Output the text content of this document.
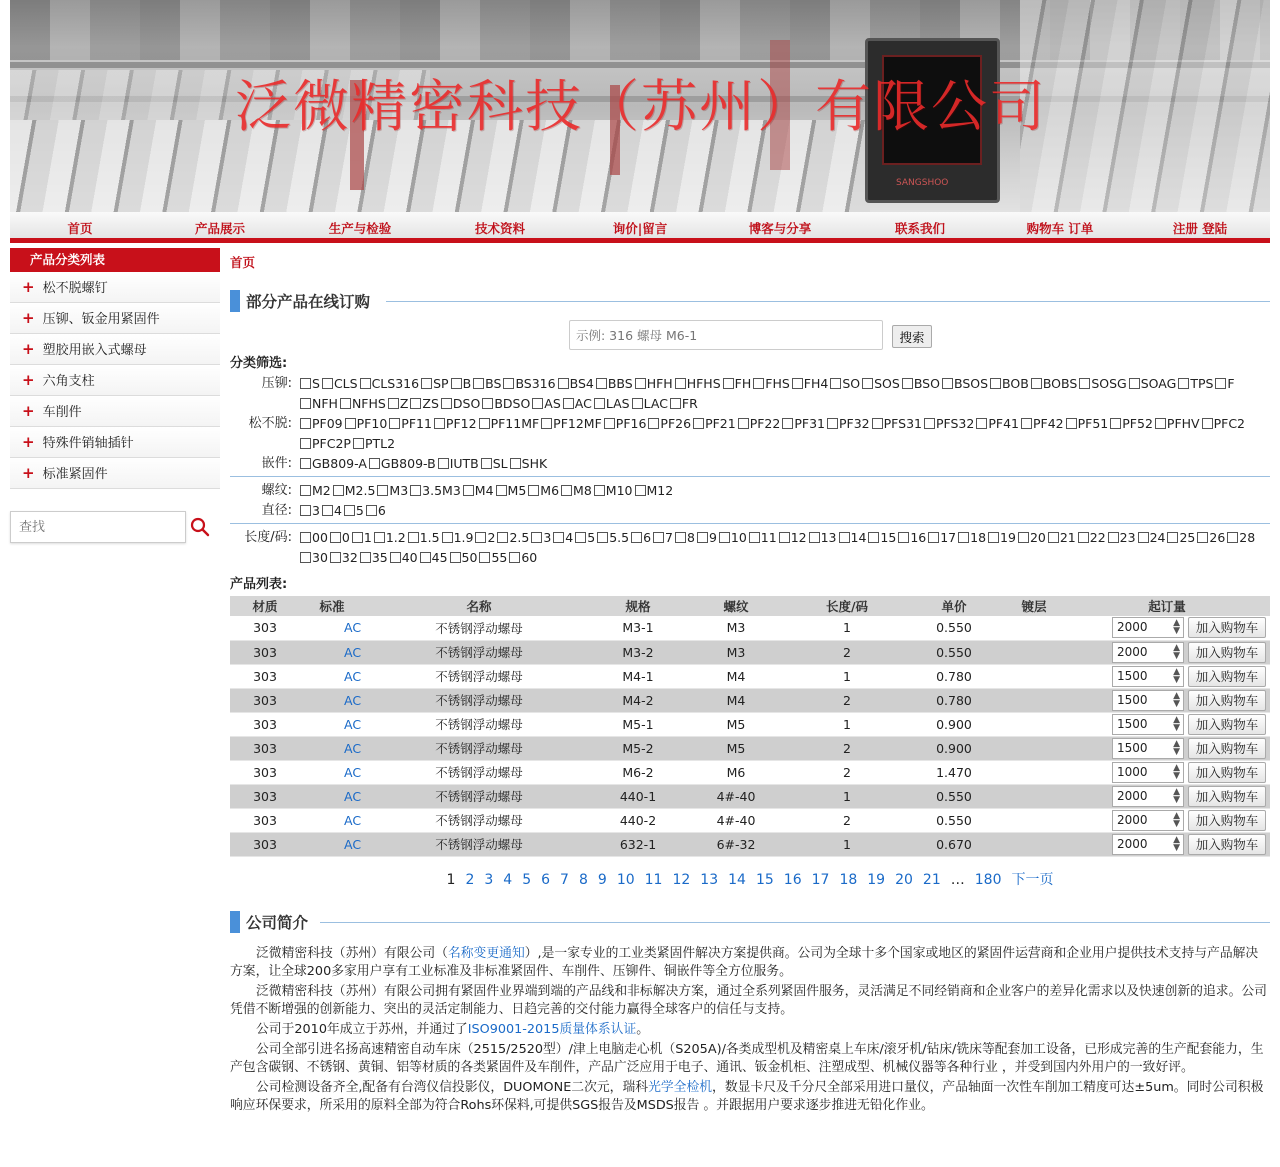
SANGSHOO
泛微精密科技（苏州）有限公司
首页	产品展示	生产与检验	技术资料	询价|留言	博客与分享	联系我们	购物车 订单	注册 登陆
产品分类列表
+ 松不脱螺钉
+ 压铆、钣金用紧固件
+ 塑胶用嵌入式螺母
+ 六角支柱
+ 车削件
+ 特殊件销轴插针
+ 标准紧固件
查找
首页
部分产品在线订购
示例: 316 螺母 M6-1
搜索
分类筛选:
压铆:	S	CLS	CLS316	SP	B	BS	BS316	BS4	BBS	HFH	HFHS	FH	FHS	FH4	SO	SOS	BSO	BSOS	BOB	BOBS	SOSG	SOAG	TPS	F
NFH	NFHS	Z	ZS	DSO	BDSO	AS	AC	LAS	LAC	FR
松不脱:	PF09	PF10	PF11	PF12	PF11MF	PF12MF	PF16	PF26	PF21	PF22	PF31	PF32	PFS31	PFS32	PF41	PF42	PF51	PF52	PFHV	PFC2
PFC2P	PTL2
嵌件:	GB809-A	GB809-B	IUTB	SL	SHK
螺纹:	M2	M2.5	M3	3.5M3	M4	M5	M6	M8	M10	M12
直径:	3	4	5	6
长度/码:	00	0	1	1.2	1.5	1.9	2	2.5	3	4	5	5.5	6	7	8	9	10	11	12	13	14	15	16	17	18	19	20	21	22	23	24	25	26	28
30	32	35	40	45	50	55	60
产品列表:
材质	标准	名称	规格	螺纹	长度/码	单价	镀层	起订量
303	AC	不锈钢浮动螺母	M3-1	M3	1	0.550		2000 ▲
▼ 加入购物车
303	AC	不锈钢浮动螺母	M3-2	M3	2	0.550		2000 ▲
▼ 加入购物车
303	AC	不锈钢浮动螺母	M4-1	M4	1	0.780		1500 ▲
▼ 加入购物车
303	AC	不锈钢浮动螺母	M4-2	M4	2	0.780		1500 ▲
▼ 加入购物车
303	AC	不锈钢浮动螺母	M5-1	M5	1	0.900		1500 ▲
▼ 加入购物车
303	AC	不锈钢浮动螺母	M5-2	M5	2	0.900		1500 ▲
▼ 加入购物车
303	AC	不锈钢浮动螺母	M6-2	M6	2	1.470		1000 ▲
▼ 加入购物车
303	AC	不锈钢浮动螺母	440-1	4#-40	1	0.550		2000 ▲
▼ 加入购物车
303	AC	不锈钢浮动螺母	440-2	4#-40	2	0.550		2000 ▲
▼ 加入购物车
303	AC	不锈钢浮动螺母	632-1	6#-32	1	0.670		2000 ▲
▼ 加入购物车
1 2 3 4 5 6 7 8 9 10 11 12 13 14 15 16 17 18 19 20 21 … 180 下一页
公司简介

泛微精密科技（苏州）有限公司（名称变更通知）,是一家专业的工业类紧固件解决方案提供商。公司为全球十多个国家或地区的紧固件运营商和企业用户提供技术支持与产品解决方案，让全球200多家用户享有工业标准及非标准紧固件、车削件、压铆件、铜嵌件等全方位服务。

泛微精密科技（苏州）有限公司拥有紧固件业界端到端的产品线和非标解决方案，通过全系列紧固件服务，灵活满足不同经销商和企业客户的差异化需求以及快速创新的追求。公司凭借不断增强的创新能力、突出的灵活定制能力、日趋完善的交付能力赢得全球客户的信任与支持。

公司于2010年成立于苏州，并通过了ISO9001-2015质量体系认证。

公司全部引进名扬高速精密自动车床（2515/2520型）/津上电脑走心机（S205A)/各类成型机及精密桌上车床/滚牙机/钻床/铣床等配套加工设备，已形成完善的生产配套能力，生产包含碳钢、不锈钢、黄铜、铝等材质的各类紧固件及车削件，产品广泛应用于电子、通讯、钣金机柜、注塑成型、机械仪器等各种行业 ，并受到国内外用户的一致好评。

公司检测设备齐全,配备有台湾仪信投影仪，DUOMONE二次元，瑞科光学全检机，数显卡尺及千分尺全部采用进口量仪，产品轴面一次性车削加工精度可达±5um。同时公司积极响应环保要求，所采用的原料全部为符合Rohs环保料,可提供SGS报告及MSDS报告 。并跟据用户要求逐步推进无铅化作业。
